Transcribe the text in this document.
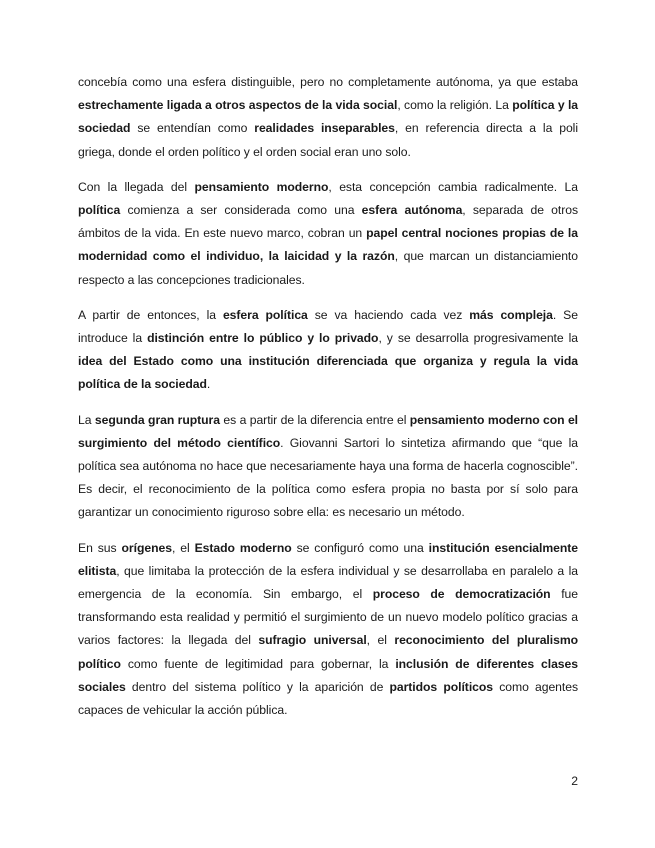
concebía como una esfera distinguible, pero no completamente autónoma, ya que estaba estrechamente ligada a otros aspectos de la vida social, como la religión. La política y la sociedad se entendían como realidades inseparables, en referencia directa a la poli griega, donde el orden político y el orden social eran uno solo.

Con la llegada del pensamiento moderno, esta concepción cambia radicalmente. La política comienza a ser considerada como una esfera autónoma, separada de otros ámbitos de la vida. En este nuevo marco, cobran un papel central nociones propias de la modernidad como el individuo, la laicidad y la razón, que marcan un distanciamiento respecto a las concepciones tradicionales.

A partir de entonces, la esfera política se va haciendo cada vez más compleja. Se introduce la distinción entre lo público y lo privado, y se desarrolla progresivamente la idea del Estado como una institución diferenciada que organiza y regula la vida política de la sociedad.

La segunda gran ruptura es a partir de la diferencia entre el pensamiento moderno con el surgimiento del método científico. Giovanni Sartori lo sintetiza afirmando que “que la política sea autónoma no hace que necesariamente haya una forma de hacerla cognoscible”. Es decir, el reconocimiento de la política como esfera propia no basta por sí solo para garantizar un conocimiento riguroso sobre ella: es necesario un método.

En sus orígenes, el Estado moderno se configuró como una institución esencialmente elitista, que limitaba la protección de la esfera individual y se desarrollaba en paralelo a la emergencia de la economía. Sin embargo, el proceso de democratización fue transformando esta realidad y permitió el surgimiento de un nuevo modelo político gracias a varios factores: la llegada del sufragio universal, el reconocimiento del pluralismo político como fuente de legitimidad para gobernar, la inclusión de diferentes clases sociales dentro del sistema político y la aparición de partidos políticos como agentes capaces de vehicular la acción pública.

2
